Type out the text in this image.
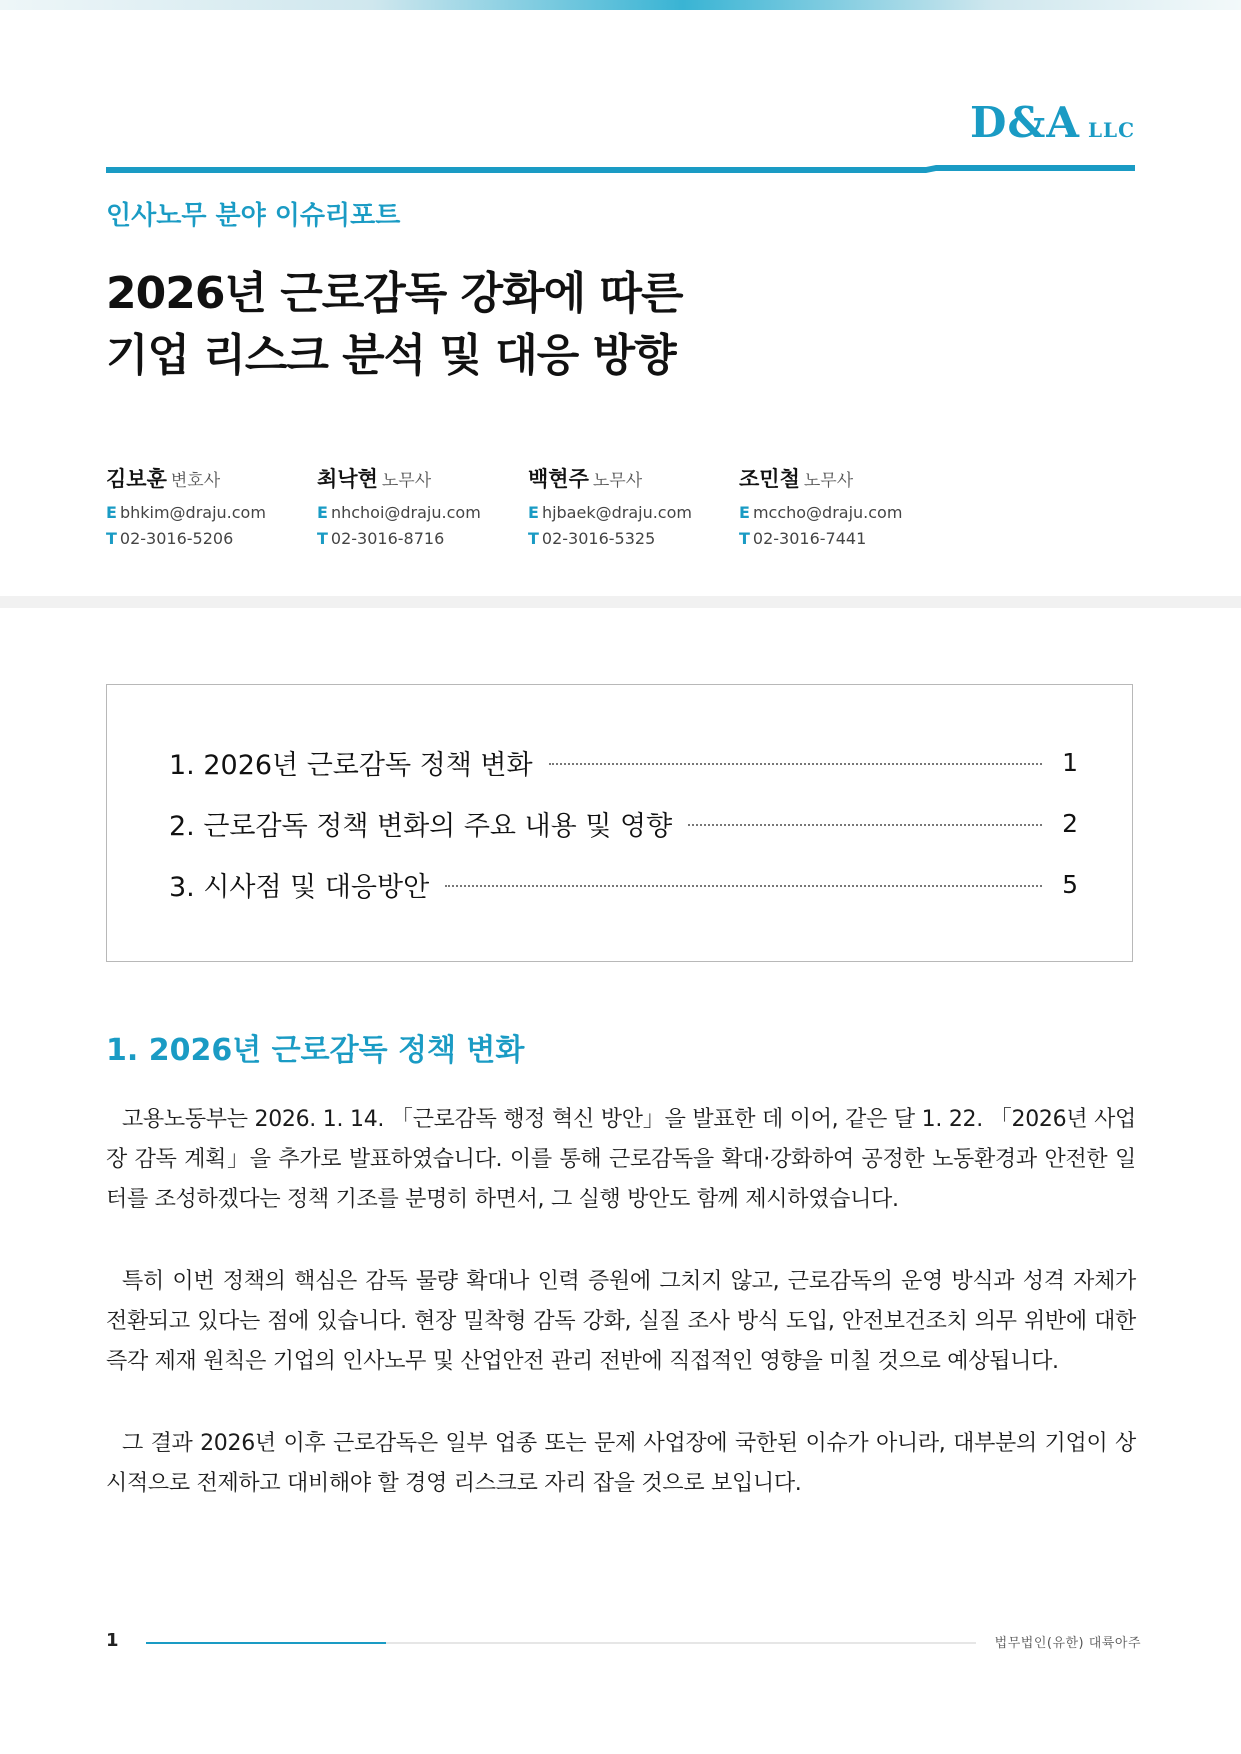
D&A LLC
인사노무 분야 이슈리포트
2026년 근로감독 강화에 따른
기업 리스크 분석 및 대응 방향
김보훈 변호사
E bhkim@draju.com
T 02-3016-5206
최낙현 노무사
E nhchoi@draju.com
T 02-3016-8716
백현주 노무사
E hjbaek@draju.com
T 02-3016-5325
조민철 노무사
E mccho@draju.com
T 02-3016-7441
1. 2026년 근로감독 정책 변화	1
2. 근로감독 정책 변화의 주요 내용 및 영향	2
3. 시사점 및 대응방안	5
1. 2026년 근로감독 정책 변화

고용노동부는 2026. 1. 14. 「근로감독 행정 혁신 방안」을 발표한 데 이어, 같은 달 1. 22. 「2026년 사업장 감독 계획」을 추가로 발표하였습니다. 이를 통해 근로감독을 확대·강화하여 공정한 노동환경과 안전한 일터를 조성하겠다는 정책 기조를 분명히 하면서, 그 실행 방안도 함께 제시하였습니다.

특히 이번 정책의 핵심은 감독 물량 확대나 인력 증원에 그치지 않고, 근로감독의 운영 방식과 성격 자체가 전환되고 있다는 점에 있습니다. 현장 밀착형 감독 강화, 실질 조사 방식 도입, 안전보건조치 의무 위반에 대한 즉각 제재 원칙은 기업의 인사노무 및 산업안전 관리 전반에 직접적인 영향을 미칠 것으로 예상됩니다.

그 결과 2026년 이후 근로감독은 일부 업종 또는 문제 사업장에 국한된 이슈가 아니라, 대부분의 기업이 상시적으로 전제하고 대비해야 할 경영 리스크로 자리 잡을 것으로 보입니다.

1	법무법인(유한) 대륙아주
